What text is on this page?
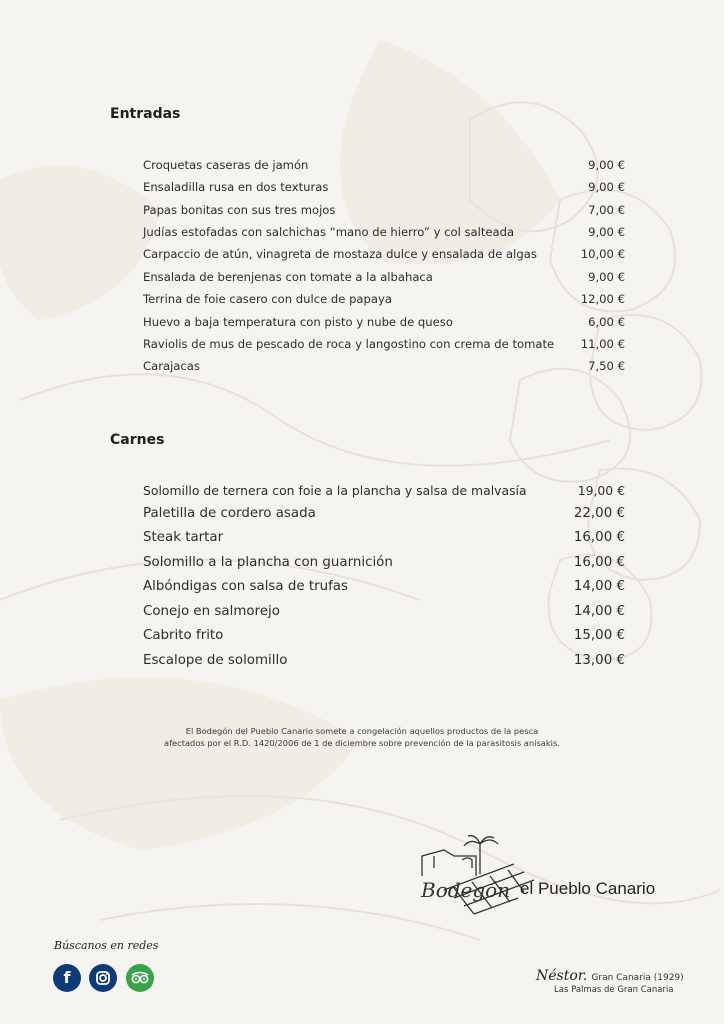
Entradas
Croquetas caseras de jamón	9,00 €
Ensaladilla rusa en dos texturas	9,00 €
Papas bonitas con sus tres mojos	7,00 €
Judías estofadas con salchichas “mano de hierro” y col salteada	9,00 €
Carpaccio de atún, vinagreta de mostaza dulce y ensalada de algas	10,00 €
Ensalada de berenjenas con tomate a la albahaca	9,00 €
Terrina de foie casero con dulce de papaya	12,00 €
Huevo a baja temperatura con pisto y nube de queso	6,00 €
Raviolis de mus de pescado de roca y langostino con crema de tomate 11,00 €
Carajacas	7,50 €
Carnes
Solomillo de ternera con foie a la plancha y salsa de malvasía	19,00 €
Paletilla de cordero asada	22,00 €
Steak tartar	16,00 €
Solomillo a la plancha con guarnición	16,00 €
Albóndigas con salsa de trufas	14,00 €
Conejo en salmorejo	14,00 €
Cabrito frito	15,00 €
Escalope de solomillo	13,00 €
El Bodegón del Pueblo Canario somete a congelación aquellos productos de la pesca
afectados por el R.D. 1420/2006 de 1 de diciembre sobre prevención de la parasitosis anisakis.
Bodegón el Pueblo Canario
Búscanos en redes
f	Néstor. Gran Canaria (1929)
Las Palmas de Gran Canaria
